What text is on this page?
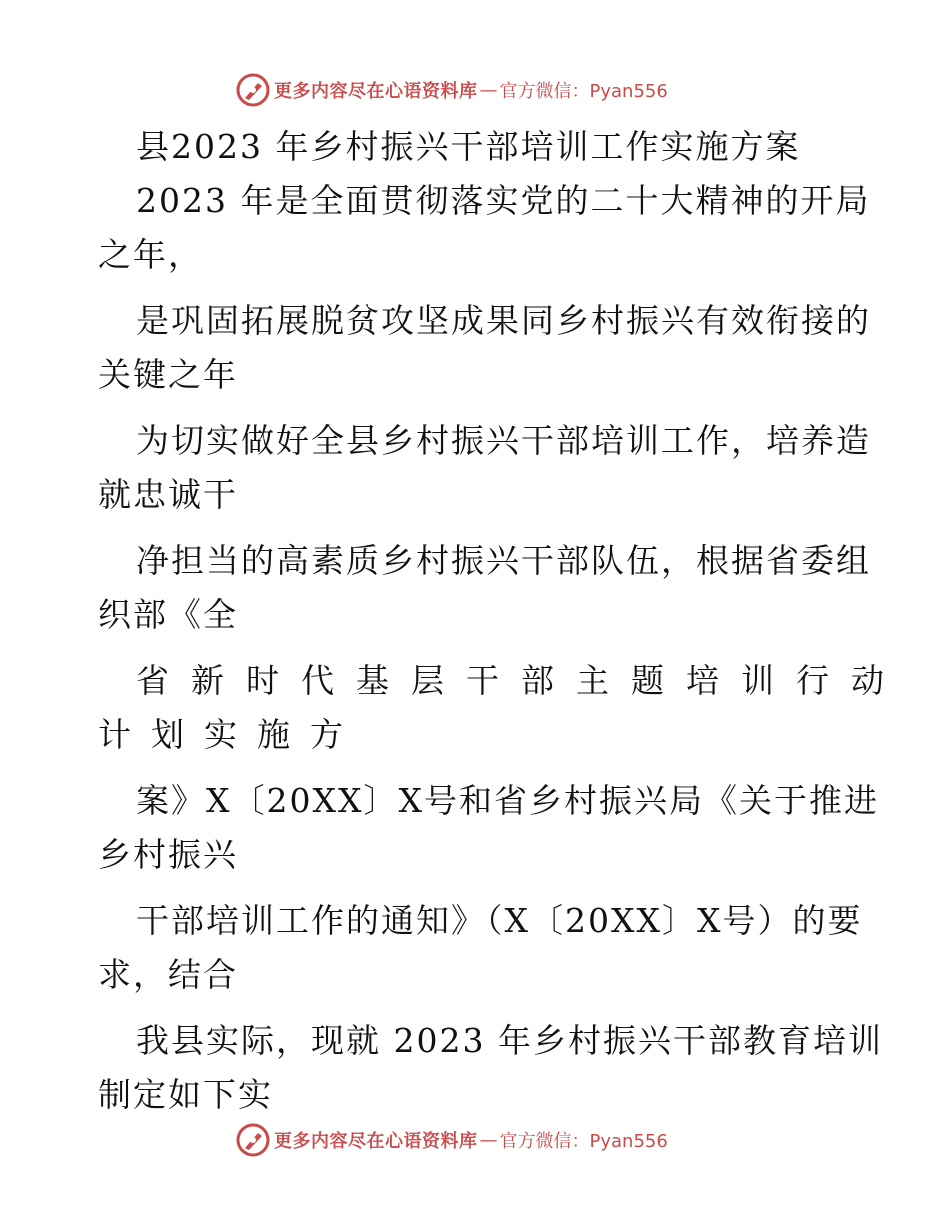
更多内容尽在心语资料库 — 官方微信：Pyan556
县2023 年乡村振兴干部培训工作实施方案
2023 年是全面贯彻落实党的二十大精神的开局
之年，
是巩固拓展脱贫攻坚成果同乡村振兴有效衔接的
关键之年
为切实做好全县乡村振兴干部培训工作，培养造
就忠诚干
净担当的高素质乡村振兴干部队伍，根据省委组
织部《全
省新时代基层干部主题培训行动
计划实施方
案》X〔20XX〕X号和省乡村振兴局《关于推进
乡村振兴
干部培训工作的通知》（X〔20XX〕X号）的要
求，结合
我县实际，现就 2023 年乡村振兴干部教育培训
制定如下实
更多内容尽在心语资料库 — 官方微信：Pyan556
